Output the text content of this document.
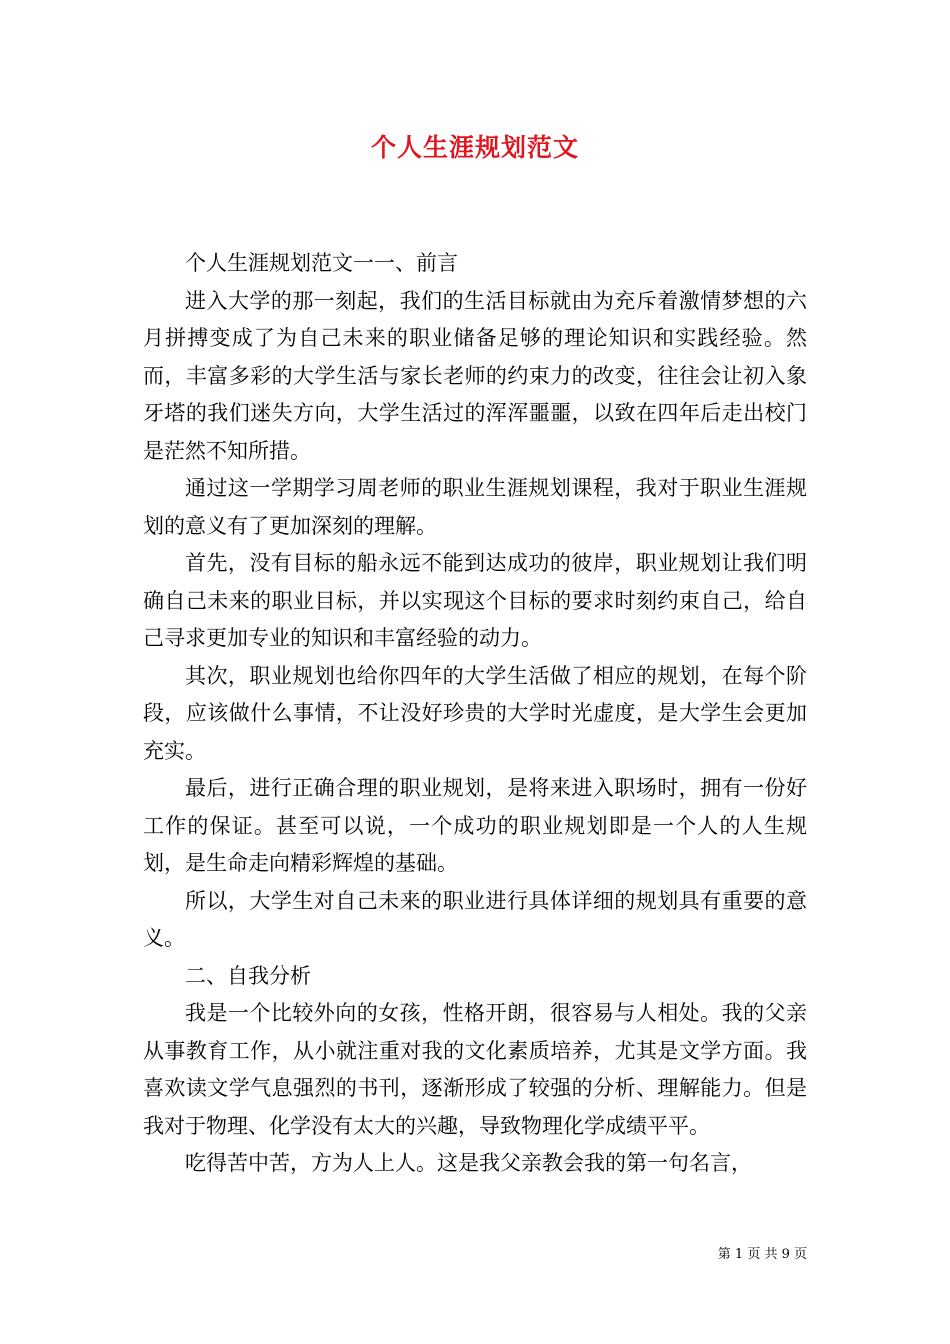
个人生涯规划范文

个人生涯规划范文一一、前言

进入大学的那一刻起，我们的生活目标就由为充斥着激情梦想的六月拼搏变成了为自己未来的职业储备足够的理论知识和实践经验。然而，丰富多彩的大学生活与家长老师的约束力的改变，往往会让初入象牙塔的我们迷失方向，大学生活过的浑浑噩噩，以致在四年后走出校门是茫然不知所措。

通过这一学期学习周老师的职业生涯规划课程，我对于职业生涯规划的意义有了更加深刻的理解。

首先，没有目标的船永远不能到达成功的彼岸，职业规划让我们明确自己未来的职业目标，并以实现这个目标的要求时刻约束自己，给自己寻求更加专业的知识和丰富经验的动力。

其次，职业规划也给你四年的大学生活做了相应的规划，在每个阶段，应该做什么事情，不让没好珍贵的大学时光虚度，是大学生会更加充实。

最后，进行正确合理的职业规划，是将来进入职场时，拥有一份好工作的保证。甚至可以说，一个成功的职业规划即是一个人的人生规划，是生命走向精彩辉煌的基础。

所以，大学生对自己未来的职业进行具体详细的规划具有重要的意义。

二、自我分析

我是一个比较外向的女孩，性格开朗，很容易与人相处。我的父亲从事教育工作，从小就注重对我的文化素质培养，尤其是文学方面。我喜欢读文学气息强烈的书刊，逐渐形成了较强的分析、理解能力。但是我对于物理、化学没有太大的兴趣，导致物理化学成绩平平。

吃得苦中苦，方为人上人。这是我父亲教会我的第一句名言，

第 1 页 共 9 页
